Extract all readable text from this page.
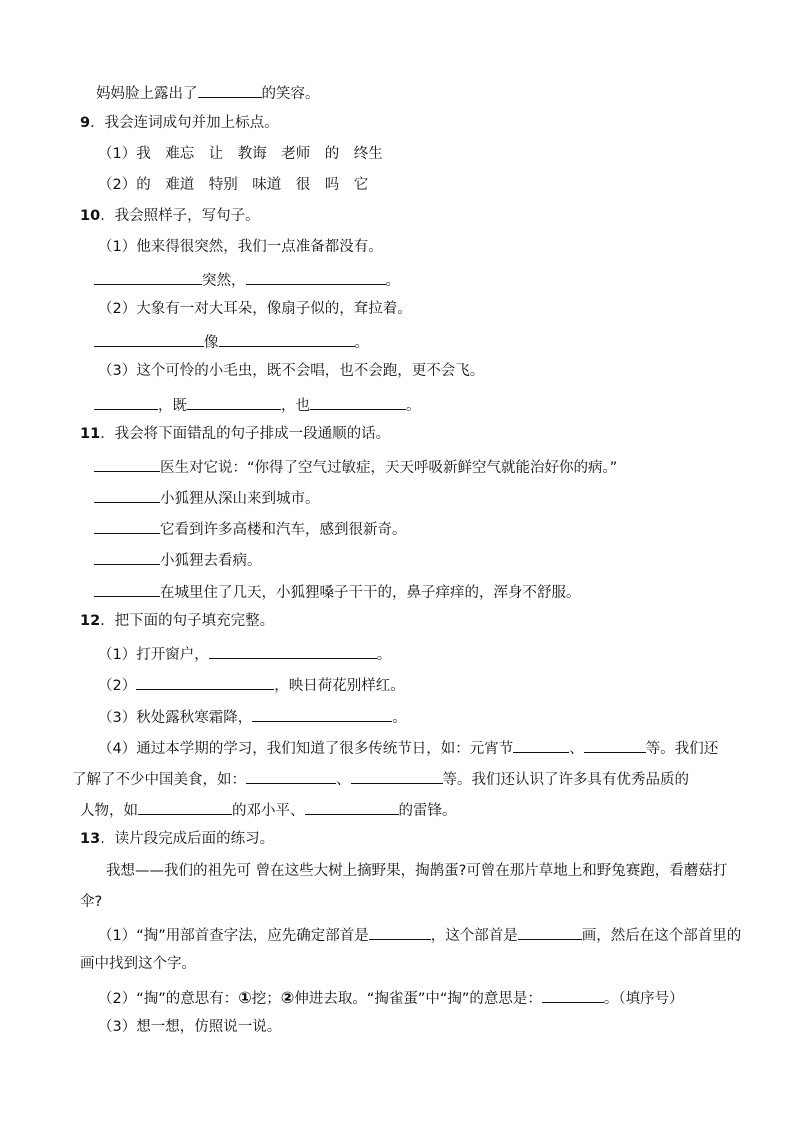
妈妈脸上露出了	的笑容。
9．我会连词成句并加上标点。
（1）我　难忘　让　教诲　老师　的　终生
（2）的　难道　特别　味道　很　吗　它
10．我会照样子，写句子。
（1）他来得很突然，我们一点准备都没有。
突然，	。
（2）大象有一对大耳朵，像扇子似的，耷拉着。
像	。
（3）这个可怜的小毛虫，既不会唱，也不会跑，更不会飞。
，既	，也	。
11．我会将下面错乱的句子排成一段通顺的话。
医生对它说：“你得了空气过敏症，天天呼吸新鲜空气就能治好你的病。”
小狐狸从深山来到城市。
它看到许多高楼和汽车，感到很新奇。
小狐狸去看病。
在城里住了几天，小狐狸嗓子干干的，鼻子痒痒的，浑身不舒服。
12．把下面的句子填充完整。
（1）打开窗户，	。
（2）	，映日荷花别样红。
（3）秋处露秋寒霜降，	。
（4）通过本学期的学习，我们知道了很多传统节日，如：元宵节	、	等。我们还
了解了不少中国美食，如：	、	等。我们还认识了许多具有优秀品质的
人物，如	的邓小平、	的雷锋。
13．读片段完成后面的练习。
我想——我们的祖先可 曾在这些大树上摘野果，掏鹊蛋?可曾在那片草地上和野兔赛跑，看蘑菇打
伞?
（1）“掏”用部首查字法，应先确定部首是	，这个部首是	画，然后在这个部首里的
画中找到这个字。
（2）“掏”的意思有：①挖；②伸进去取。“掏雀蛋”中“掏”的意思是：	。（填序号）
（3）想一想，仿照说一说。
